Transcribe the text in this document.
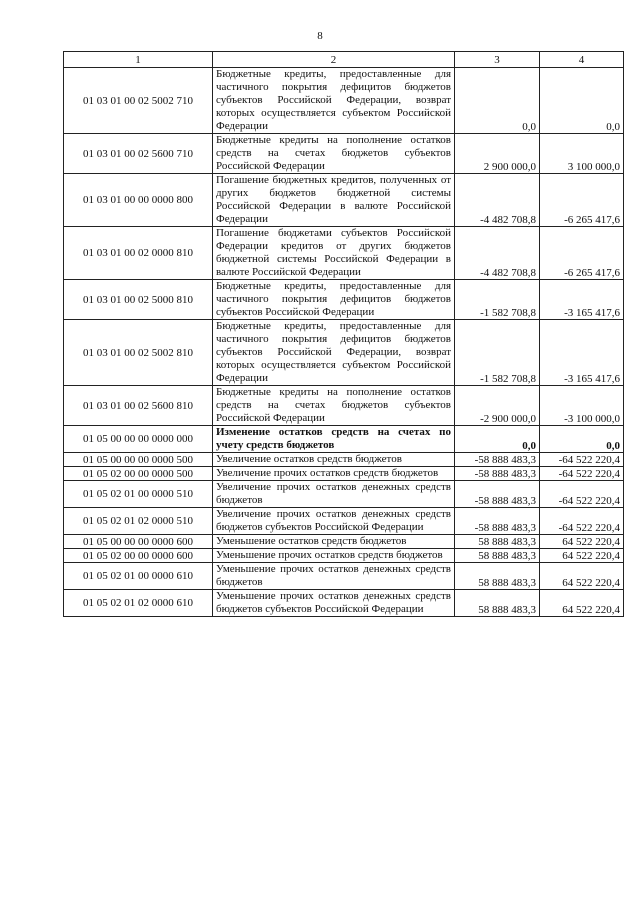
8
1	2	3	4
01 03 01 00 02 5002 710	Бюджетные кредиты, предоставленные для частичного покрытия дефицитов бюджетов субъектов Российской Федерации, возврат которых осуществляется субъектом Российской Федерации	0,0	0,0
01 03 01 00 02 5600 710	Бюджетные кредиты на пополнение остатков средств на счетах бюджетов субъектов Российской Федерации	2 900 000,0	3 100 000,0
01 03 01 00 00 0000 800	Погашение бюджетных кредитов, полученных от других бюджетов бюджетной системы Российской Федерации в валюте Российской Федерации	-4 482 708,8	-6 265 417,6
01 03 01 00 02 0000 810	Погашение бюджетами субъектов Российской Федерации кредитов от других бюджетов бюджетной системы Российской Федерации в валюте Российской Федерации	-4 482 708,8	-6 265 417,6
01 03 01 00 02 5000 810	Бюджетные кредиты, предоставленные для частичного покрытия дефицитов бюджетов субъектов Российской Федерации	-1 582 708,8	-3 165 417,6
01 03 01 00 02 5002 810	Бюджетные кредиты, предоставленные для частичного покрытия дефицитов бюджетов субъектов Российской Федерации, возврат которых осуществляется субъектом Российской Федерации	-1 582 708,8	-3 165 417,6
01 03 01 00 02 5600 810	Бюджетные кредиты на пополнение остатков средств на счетах бюджетов субъектов Российской Федерации	-2 900 000,0	-3 100 000,0
01 05 00 00 00 0000 000	Изменение остатков средств на счетах по учету средств бюджетов	0,0	0,0
01 05 00 00 00 0000 500	Увеличение остатков средств бюджетов	-58 888 483,3	-64 522 220,4
01 05 02 00 00 0000 500	Увеличение прочих остатков средств бюджетов	-58 888 483,3	-64 522 220,4
01 05 02 01 00 0000 510	Увеличение прочих остатков денежных средств бюджетов	-58 888 483,3	-64 522 220,4
01 05 02 01 02 0000 510	Увеличение прочих остатков денежных средств бюджетов субъектов Российской Федерации	-58 888 483,3	-64 522 220,4
01 05 00 00 00 0000 600	Уменьшение остатков средств бюджетов	58 888 483,3	64 522 220,4
01 05 02 00 00 0000 600	Уменьшение прочих остатков средств бюджетов	58 888 483,3	64 522 220,4
01 05 02 01 00 0000 610	Уменьшение прочих остатков денежных средств бюджетов	58 888 483,3	64 522 220,4
01 05 02 01 02 0000 610	Уменьшение прочих остатков денежных средств бюджетов субъектов Российской Федерации	58 888 483,3	64 522 220,4
